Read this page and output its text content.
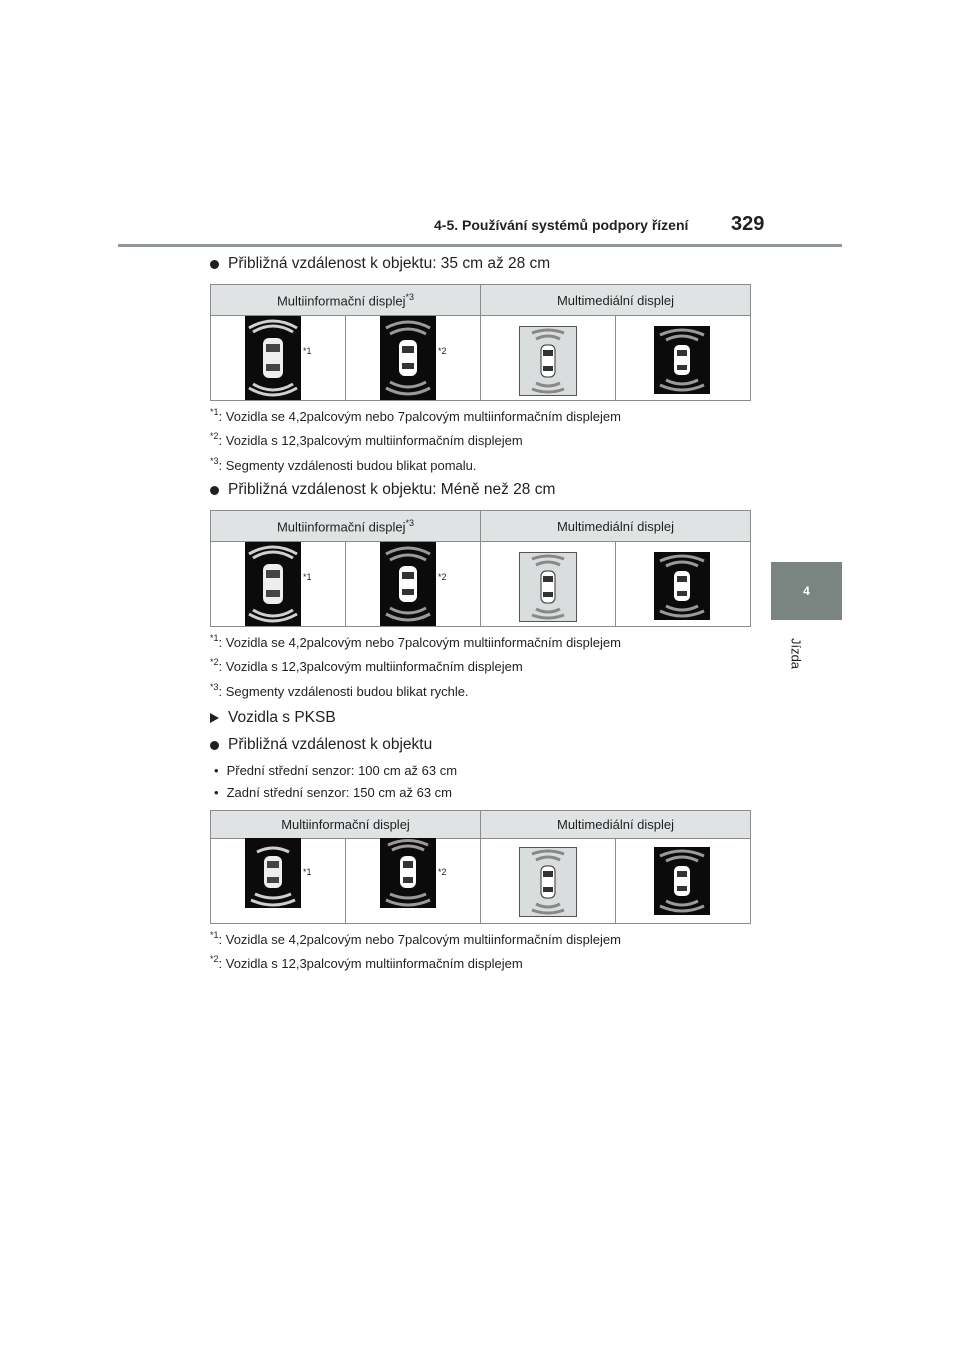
4-5. Používání systémů podpory řízení	329
4
Jízda
Přibližná vzdálenost k objektu: 35 cm až 28 cm
Multiinformační displej$^{*3}$		Multimediální displej	

*1	*2

$^{*1}$: Vozidla se 4,2palcovým nebo 7palcovým multiinformačním displejem
$^{*2}$: Vozidla s 12,3palcovým multiinformačním displejem
$^{*3}$: Segmenty vzdálenosti budou blikat pomalu.
Přibližná vzdálenost k objektu: Méně než 28 cm
Multiinformační displej$^{*3}$		Multimediální displej	

*1	*2

$^{*1}$: Vozidla se 4,2palcovým nebo 7palcovým multiinformačním displejem
$^{*2}$: Vozidla s 12,3palcovým multiinformačním displejem
$^{*3}$: Segmenty vzdálenosti budou blikat rychle.
Vozidla s PKSB
Přibližná vzdálenost k objektu
• Přední střední senzor: 100 cm až 63 cm
• Zadní střední senzor: 150 cm až 63 cm
Multiinformační displej		Multimediální displej	

*1	*2

$^{*1}$: Vozidla se 4,2palcovým nebo 7palcovým multiinformačním displejem
$^{*2}$: Vozidla s 12,3palcovým multiinformačním displejem
